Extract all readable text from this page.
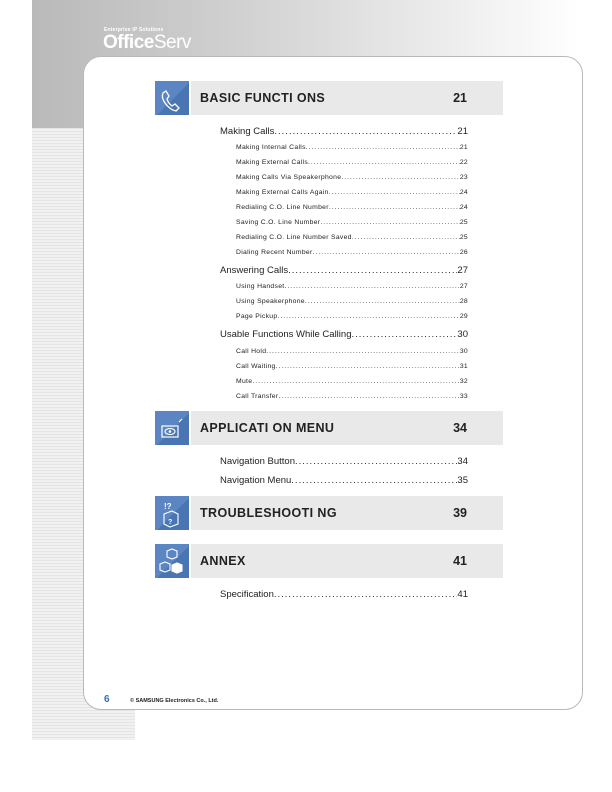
Enterprise IP Solutions
OfficeServ
BASIC FUNCTI ONS	21
Making Calls .....	21
Making Internal Calls .....	21
Making External Calls .....	22
Making Calls Via Speakerphone .....	23
Making External Calls Again .....	24
Redialing C.O. Line Number .....	24
Saving C.O. Line Number .....	25
Redialing C.O. Line Number Saved .....	25
Dialing Recent Number .....	26
Answering Calls .....	27
Using Handset .....	27
Using Speakerphone .....	28
Page Pickup .....	29
Usable Functions While Calling .....	30
Call Hold .....	30
Call Waiting .....	31
Mute .....	32
Call Transfer .....	33
APPLICATI ON MENU	34
Navigation Button .....	34
Navigation Menu .....	35
!?
?
TROUBLESHOOTI NG	39
ANNEX	41
Specification .....	41
6	© SAMSUNG Electronics Co., Ltd.
